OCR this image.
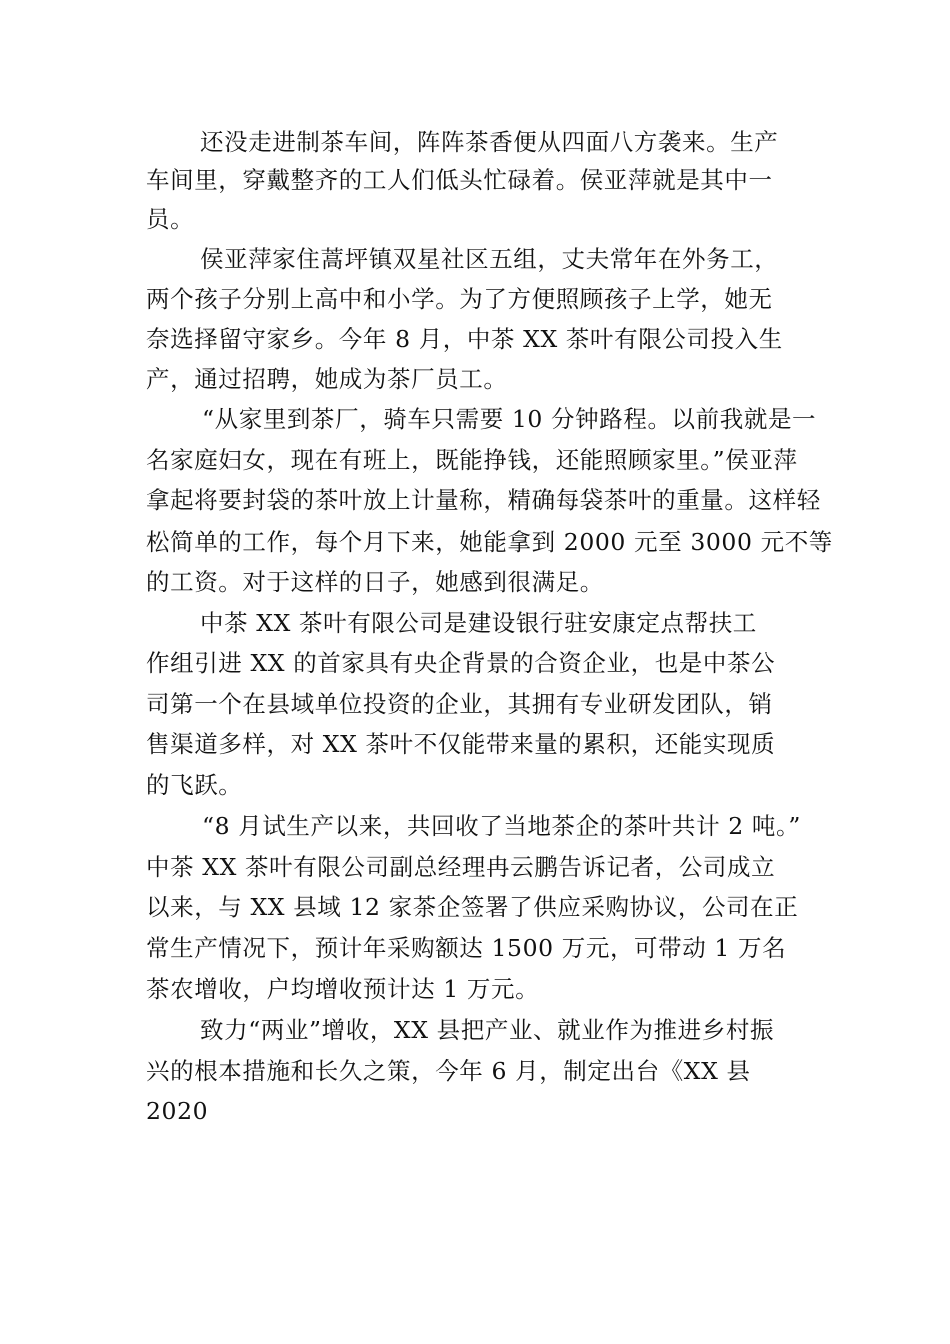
还没走进制茶车间，阵阵茶香便从四面八方袭来。生产
车间里，穿戴整齐的工人们低头忙碌着。侯亚萍就是其中一
员。
侯亚萍家住蒿坪镇双星社区五组，丈夫常年在外务工，
两个孩子分别上高中和小学。为了方便照顾孩子上学，她无
奈选择留守家乡。今年 8 月，中茶 XX 茶叶有限公司投入生
产，通过招聘，她成为茶厂员工。
“从家里到茶厂，骑车只需要 10 分钟路程。以前我就是一
名家庭妇女，现在有班上，既能挣钱，还能照顾家里。”侯亚萍
拿起将要封袋的茶叶放上计量称，精确每袋茶叶的重量。这样轻
松简单的工作，每个月下来，她能拿到 2000 元至 3000 元不等
的工资。对于这样的日子，她感到很满足。
中茶 XX 茶叶有限公司是建设银行驻安康定点帮扶工
作组引进 XX 的首家具有央企背景的合资企业，也是中茶公
司第一个在县域单位投资的企业，其拥有专业研发团队，销
售渠道多样，对 XX 茶叶不仅能带来量的累积，还能实现质
的飞跃。
“8 月试生产以来，共回收了当地茶企的茶叶共计 2 吨。”
中茶 XX 茶叶有限公司副总经理冉云鹏告诉记者，公司成立
以来，与 XX 县域 12 家茶企签署了供应采购协议，公司在正
常生产情况下，预计年采购额达 1500 万元，可带动 1 万名
茶农增收，户均增收预计达 1 万元。
致力“两业”增收，XX 县把产业、就业作为推进乡村振
兴的根本措施和长久之策，今年 6 月，制定出台《XX 县
2020
